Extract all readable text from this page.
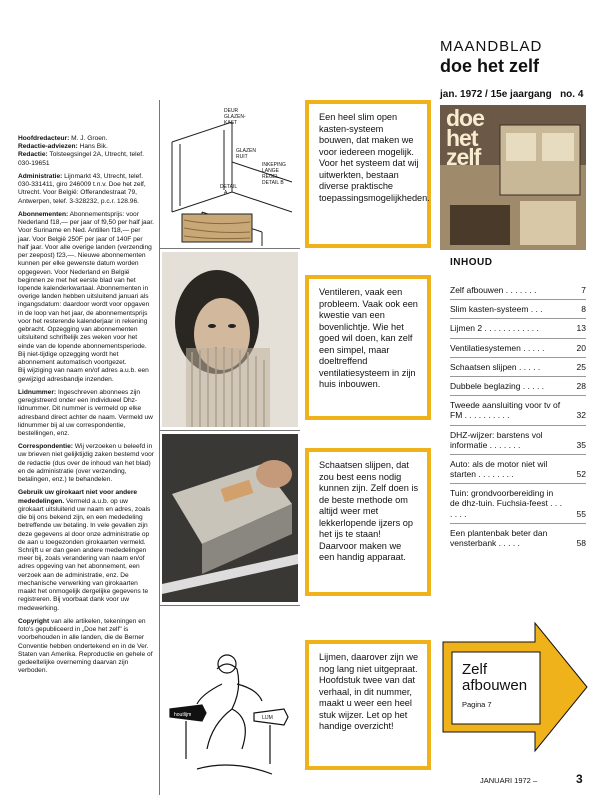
MAANDBLAD
doe het zelf
jan. 1972 / 15e jaargang no. 4

Hoofdredacteur: M. J. Groen.
Redactie-adviezen: Hans Bik.
Redactie: Tolsteegsingel 2A, Utrecht, telef. 030-19651

Administratie: Lijnmarkt 43, Utrecht, telef. 030-331411, giro 246009 t.n.v. Doe het zelf, Utrecht. Voor België: Offerandestraat 79, Antwerpen, telef. 3-328232, p.c.r. 128.96.

Abonnementen: Abonnementsprijs: voor Nederland f18,— per jaar of f9,50 per half jaar. Voor Suriname en Ned. Antillen f18,— per jaar. Voor België 250F per jaar of 140F per half jaar. Voor alle overige landen (verzending per zeepost) f23,—. Nieuwe abonnementen kunnen per elke gewenste datum worden opgegeven. Voor Nederland en België beginnen ze met het eerste blad van het lopende kalenderkwartaal. Abonnementen in overige landen hebben uitsluitend januari als ingangsdatum: daardoor wordt voor opgaven in de loop van het jaar, de abonnementsprijs voor het resterende kalenderjaar in rekening gebracht. Opzegging van abonnementen uitsluitend schriftelijk zes weken voor het einde van de lopende abonnementsperiode. Bij niet-tijdige opzegging wordt het abonnement automatisch voortgezet.
Bij wijziging van naam en/of adres a.u.b. een gewijzigd adresbandje inzenden.

Lidnummer: Ingeschreven abonnees zijn geregistreerd onder een individueel Dhz-lidnummer. Dit nummer is vermeld op elke adresband direct achter de naam. Vermeld uw lidnummer bij al uw correspondentie, bestellingen, enz.

Correspondentie: Wij verzoeken u beleefd in uw brieven niet gelijktijdig zaken bestemd voor de redactie (dus over de inhoud van het blad) en de administratie (over verzending, betalingen, enz.) te behandelen.

Gebruik uw girokaart niet voor andere mededelingen. Vermeld a.u.b. op uw girokaart uitsluitend uw naam en adres, zoals die bij ons bekend zijn, en een mededeling betreffende uw betaling. In vele gevallen zijn deze gegevens al door onze administratie op de aan u toegezonden girokaarten vermeld.
Schrijft u er dan geen andere mededelingen meer bij, zoals verandering van naam en/of adres opgeving van het abonnement, een verzoek aan de administratie, enz. De mechanische verwerking van girokaarten maakt het onmogelijk dergelijke gegevens te registreren. Bij voorbaat dank voor uw medewerking.

Copyright van alle artikelen, tekeningen en foto's gepubliceerd in „Doe het zelf" is voorbehouden in alle landen, die de Berner Conventie hebben ondertekend en in de Ver. Staten van Amerika. Reproductie en gehele of gedeeltelijke overneming daarvan zijn verboden.

DEUR
GLAZEN-
KAST
GLAZEN
RUIT
INKEPING
LANGE
REGEL
DETAIL B
DETAIL
A
houtlijm	LIJM
Een heel slim open kasten-systeem bouwen, dat maken we voor iedereen mogelijk. Voor het systeem dat wij uitwerkten, bestaan diverse praktische toepassingsmogelijkheden.
Ventileren, vaak een probleem. Vaak ook een kwestie van een bovenlichtje. Wie het goed wil doen, kan zelf een simpel, maar doeltreffend ventilatiesysteem in zijn huis inbouwen.
Schaatsen slijpen, dat zou best eens nodig kunnen zijn. Zelf doen is de beste methode om altijd weer met lekkerlopende ijzers op het ijs te staan! Daarvoor maken we een handig apparaat.
Lijmen, daarover zijn we nog lang niet uitgepraat. Hoofdstuk twee van dat verhaal, in dit nummer, maakt u weer een heel stuk wijzer. Let op het handige overzicht!
doe
het
zelf
INHOUD
Zelf afbouwen . . . . . . .	7
Slim kasten-systeem . . .	8
Lijmen 2 . . . . . . . . . . . .	13
Ventilatiesystemen . . . . .	20
Schaatsen slijpen . . . . .	25
Dubbele beglazing . . . . .	28
Tweede aansluiting voor tv of FM . . . . . . . . . .	32
DHZ-wijzer: barstens vol informatie . . . . . . .	35
Auto: als de motor niet wil starten . . . . . . . .	52
Tuin: grondvoorbereiding in de dhz-tuin. Fuchsia-feest . . . . . . .	55
Een plantenbak beter dan vensterbank . . . . .	58
Zelf
afbouwen
Pagina 7
JANUARI 1972 –	3
